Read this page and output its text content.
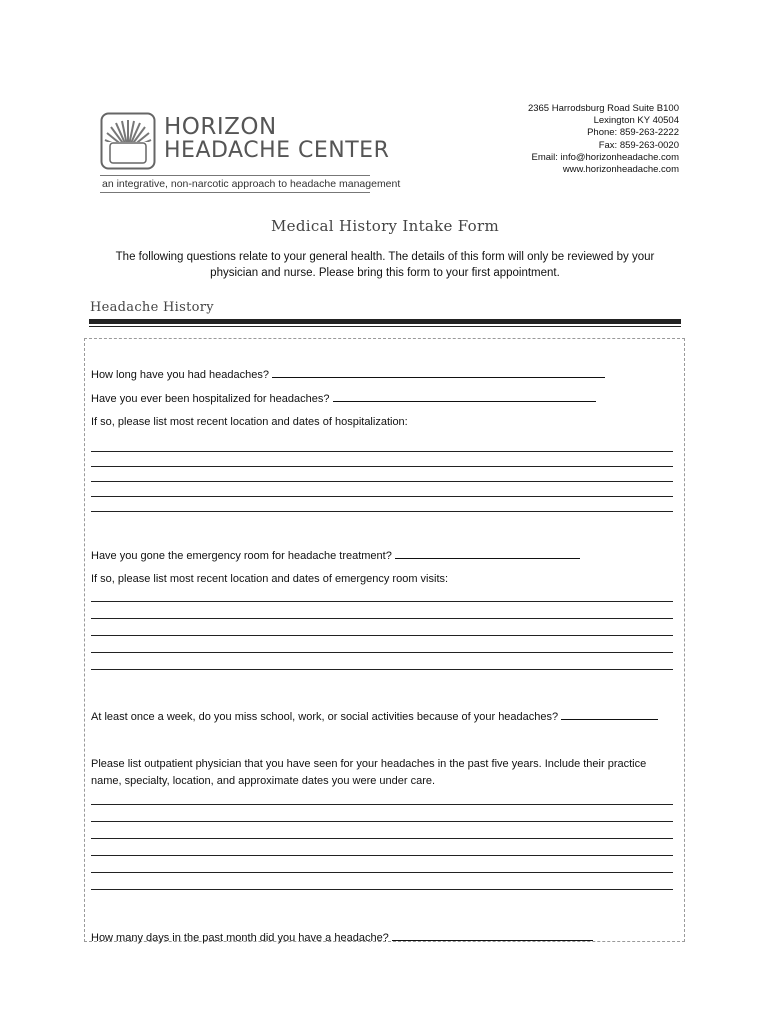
HORIZON
HEADACHE CENTER
an integrative, non-narcotic approach to headache management
2365 Harrodsburg Road Suite B100
Lexington KY 40504
Phone: 859-263-2222
Fax: 859-263-0020
Email: info@horizonheadache.com
www.horizonheadache.com
Medical History Intake Form
The following questions relate to your general health. The details of this form will only be reviewed by your physician and nurse. Please bring this form to your first appointment.
Headache History
How long have you had headaches?
Have you ever been hospitalized for headaches?
If so, please list most recent location and dates of hospitalization:
Have you gone the emergency room for headache treatment?
If so, please list most recent location and dates of emergency room visits:
At least once a week, do you miss school, work, or social activities because of your headaches?
Please list outpatient physician that you have seen for your headaches in the past five years. Include their practice name, specialty, location, and approximate dates you were under care.
How many days in the past month did you have a headache?
